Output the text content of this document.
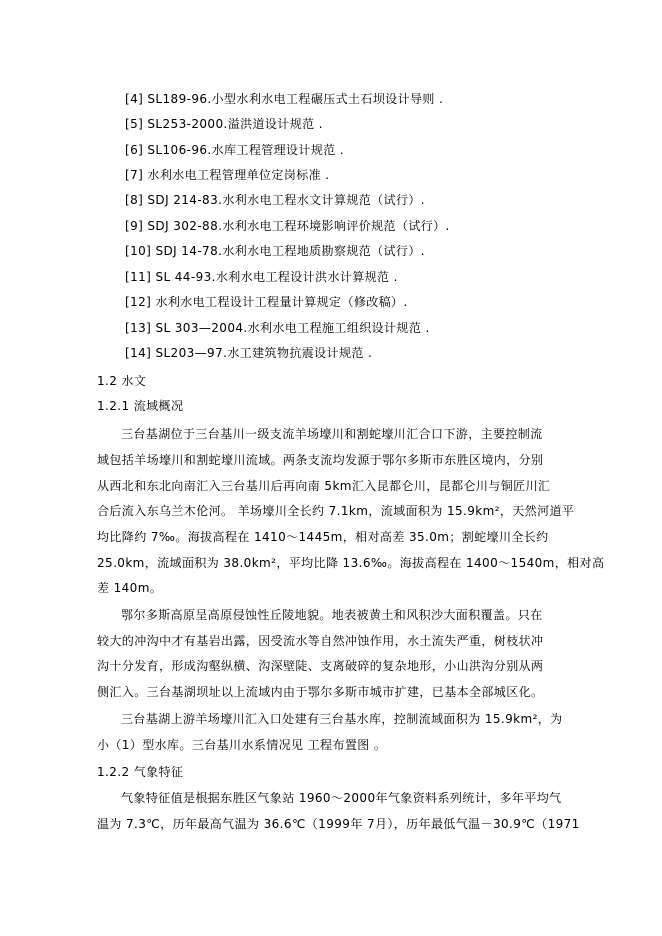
[4] SL189-96.小型水利水电工程碾压式土石坝设计导则 .
[5] SL253-2000.溢洪道设计规范 .
[6] SL106-96.水库工程管理设计规范 .
[7] 水利水电工程管理单位定岗标准 .
[8] SDJ 214-83.水利水电工程水文计算规范（试行）.
[9] SDJ 302-88.水利水电工程环境影响评价规范（试行）.
[10] SDJ 14-78.水利水电工程地质勘察规范（试行）.
[11] SL 44-93.水利水电工程设计洪水计算规范 .
[12] 水利水电工程设计工程量计算规定（修改稿）.
[13] SL 303—2004.水利水电工程施工组织设计规范 .
[14] SL203—97.水工建筑物抗震设计规范 .
1.2 水文
1.2.1 流域概况
三台基湖位于三台基川一级支流羊场壕川和割蛇壕川汇合口下游，主要控制流
域包括羊场壕川和割蛇壕川流域。两条支流均发源于鄂尔多斯市东胜区境内，分别
从西北和东北向南汇入三台基川后再向南 5km汇入昆都仑川，昆都仑川与铜匠川汇
合后流入东乌兰木伦河。 羊场壕川全长约 7.1km，流域面积为 15.9km²，天然河道平
均比降约 7‰。海拔高程在 1410～1445m，相对高差 35.0m；割蛇壕川全长约
25.0km，流域面积为 38.0km²，平均比降 13.6‰。海拔高程在 1400～1540m，相对高
差 140m。
鄂尔多斯高原呈高原侵蚀性丘陵地貌。地表被黄土和风积沙大面积覆盖。只在
较大的冲沟中才有基岩出露，因受流水等自然冲蚀作用，水土流失严重，树枝状冲
沟十分发育，形成沟壑纵横、沟深壁陡、支离破碎的复杂地形，小山洪沟分别从两
侧汇入。三台基湖坝址以上流域内由于鄂尔多斯市城市扩建，已基本全部城区化。
三台基湖上游羊场壕川汇入口处建有三台基水库，控制流域面积为 15.9km²，为
小（1）型水库。三台基川水系情况见 工程布置图 。
1.2.2 气象特征
气象特征值是根据东胜区气象站 1960～2000年气象资料系列统计，多年平均气
温为 7.3℃，历年最高气温为 36.6℃（1999年 7月），历年最低气温－30.9℃（1971
